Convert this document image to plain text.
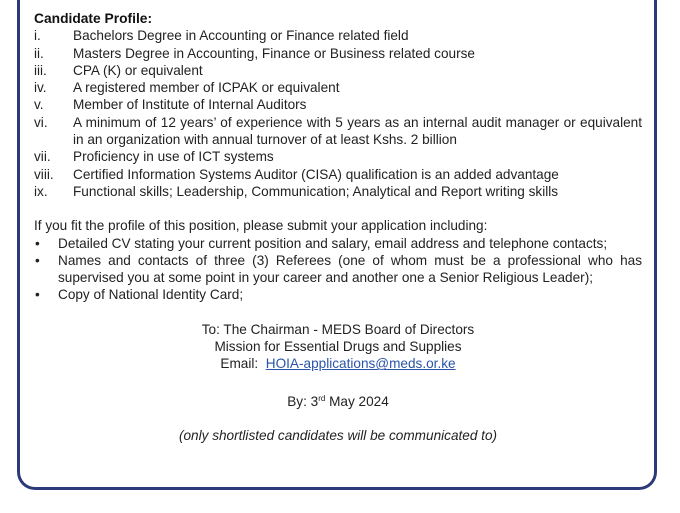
Candidate Profile:
i. Bachelors Degree in Accounting or Finance related field
ii. Masters Degree in Accounting, Finance or Business related course
iii. CPA (K) or equivalent
iv. A registered member of ICPAK or equivalent
v. Member of Institute of Internal Auditors
vi. A minimum of 12 years’ of experience with 5 years as an internal audit manager or equivalent in an organization with annual turnover of at least Kshs. 2 billion
vii. Proficiency in use of ICT systems
viii. Certified Information Systems Auditor (CISA) qualification is an added advantage
ix. Functional skills; Leadership, Communication; Analytical and Report writing skills
If you fit the profile of this position, please submit your application including:
• Detailed CV stating your current position and salary, email address and telephone contacts;
• Names and contacts of three (3) Referees (one of whom must be a professional who has supervised you at some point in your career and another one a Senior Religious Leader);
• Copy of National Identity Card;
To: The Chairman - MEDS Board of Directors
Mission for Essential Drugs and Supplies
Email: HOIA-applications@meds.or.ke
By: 3rd May 2024
(only shortlisted candidates will be communicated to)
